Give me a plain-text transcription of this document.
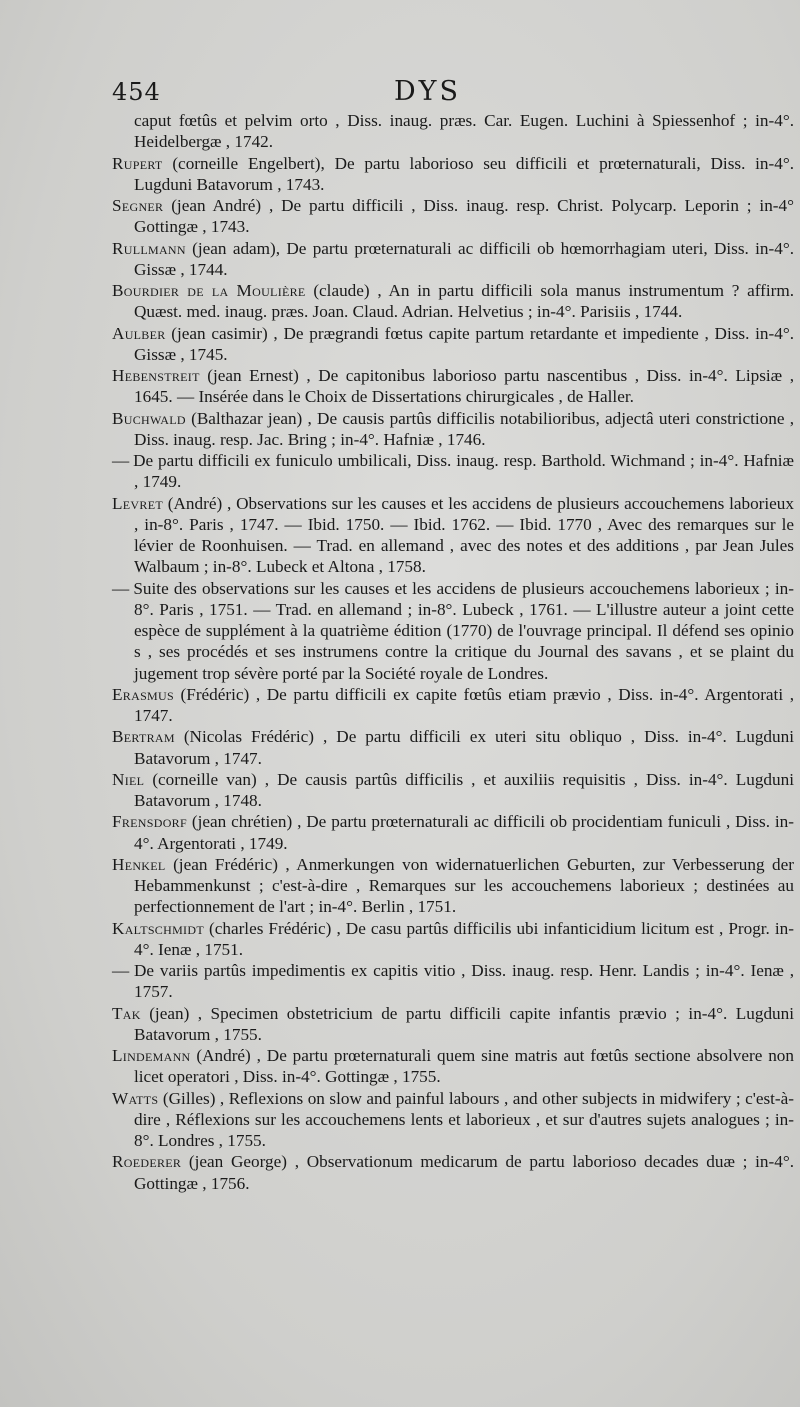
454	DYS

caput fœtûs et pelvim orto , Diss. inaug. præs. Car. Eugen. Luchini à Spiessenhof ; in-4°. Heidelbergæ , 1742.

Rupert (corneille Engelbert), De partu laborioso seu difficili et prœternaturali, Diss. in-4°. Lugduni Batavorum , 1743.

Segner (jean André) , De partu difficili , Diss. inaug. resp. Christ. Polycarp. Leporin ; in-4° Gottingæ , 1743.

Rullmann (jean adam), De partu prœternaturali ac difficili ob hœmorrhagiam uteri, Diss. in-4°. Gissæ , 1744.

Bourdier de la Moulière (claude) , An in partu difficili sola manus instrumentum ? affirm. Quæst. med. inaug. præs. Joan. Claud. Adrian. Helvetius ; in-4°. Parisiis , 1744.

Aulber (jean casimir) , De prægrandi fœtus capite partum retardante et impediente , Diss. in-4°. Gissæ , 1745.

Hebenstreit (jean Ernest) , De capitonibus laborioso partu nascentibus , Diss. in-4°. Lipsiæ , 1645. — Insérée dans le Choix de Dissertations chirurgicales , de Haller.

Buchwald (Balthazar jean) , De causis partûs difficilis notabilioribus, adjectâ uteri constrictione , Diss. inaug. resp. Jac. Bring ; in-4°. Hafniæ , 1746.

— De partu difficili ex funiculo umbilicali, Diss. inaug. resp. Barthold. Wichmand ; in-4°. Hafniæ , 1749.

Levret (André) , Observations sur les causes et les accidens de plusieurs accouchemens laborieux , in-8°. Paris , 1747. — Ibid. 1750. — Ibid. 1762. — Ibid. 1770 , Avec des remarques sur le lévier de Roonhuisen. — Trad. en allemand , avec des notes et des additions , par Jean Jules Walbaum ; in-8°. Lubeck et Altona , 1758.

— Suite des observations sur les causes et les accidens de plusieurs accouchemens laborieux ; in-8°. Paris , 1751. — Trad. en allemand ; in-8°. Lubeck , 1761. — L'illustre auteur a joint cette espèce de supplément à la quatrième édition (1770) de l'ouvrage principal. Il défend ses opinio s , ses procédés et ses instrumens contre la critique du Journal des savans , et se plaint du jugement trop sévère porté par la Société royale de Londres.

Erasmus (Frédéric) , De partu difficili ex capite fœtûs etiam prævio , Diss. in-4°. Argentorati , 1747.

Bertram (Nicolas Frédéric) , De partu difficili ex uteri situ obliquo , Diss. in-4°. Lugduni Batavorum , 1747.

Niel (corneille van) , De causis partûs difficilis , et auxiliis requisitis , Diss. in-4°. Lugduni Batavorum , 1748.

Frensdorf (jean chrétien) , De partu prœternaturali ac difficili ob procidentiam funiculi , Diss. in-4°. Argentorati , 1749.

Henkel (jean Frédéric) , Anmerkungen von widernatuerlichen Geburten, zur Verbesserung der Hebammenkunst ; c'est-à-dire , Remarques sur les accouchemens laborieux ; destinées au perfectionnement de l'art ; in-4°. Berlin , 1751.

Kaltschmidt (charles Frédéric) , De casu partûs difficilis ubi infanticidium licitum est , Progr. in-4°. Ienæ , 1751.

— De variis partûs impedimentis ex capitis vitio , Diss. inaug. resp. Henr. Landis ; in-4°. Ienæ , 1757.

Tak (jean) , Specimen obstetricium de partu difficili capite infantis prævio ; in-4°. Lugduni Batavorum , 1755.

Lindemann (André) , De partu prœternaturali quem sine matris aut fœtûs sectione absolvere non licet operatori , Diss. in-4°. Gottingæ , 1755.

Watts (Gilles) , Reflexions on slow and painful labours , and other subjects in midwifery ; c'est-à-dire , Réflexions sur les accouchemens lents et laborieux , et sur d'autres sujets analogues ; in-8°. Londres , 1755.

Roederer (jean George) , Observationum medicarum de partu laborioso decades duæ ; in-4°. Gottingæ , 1756.
